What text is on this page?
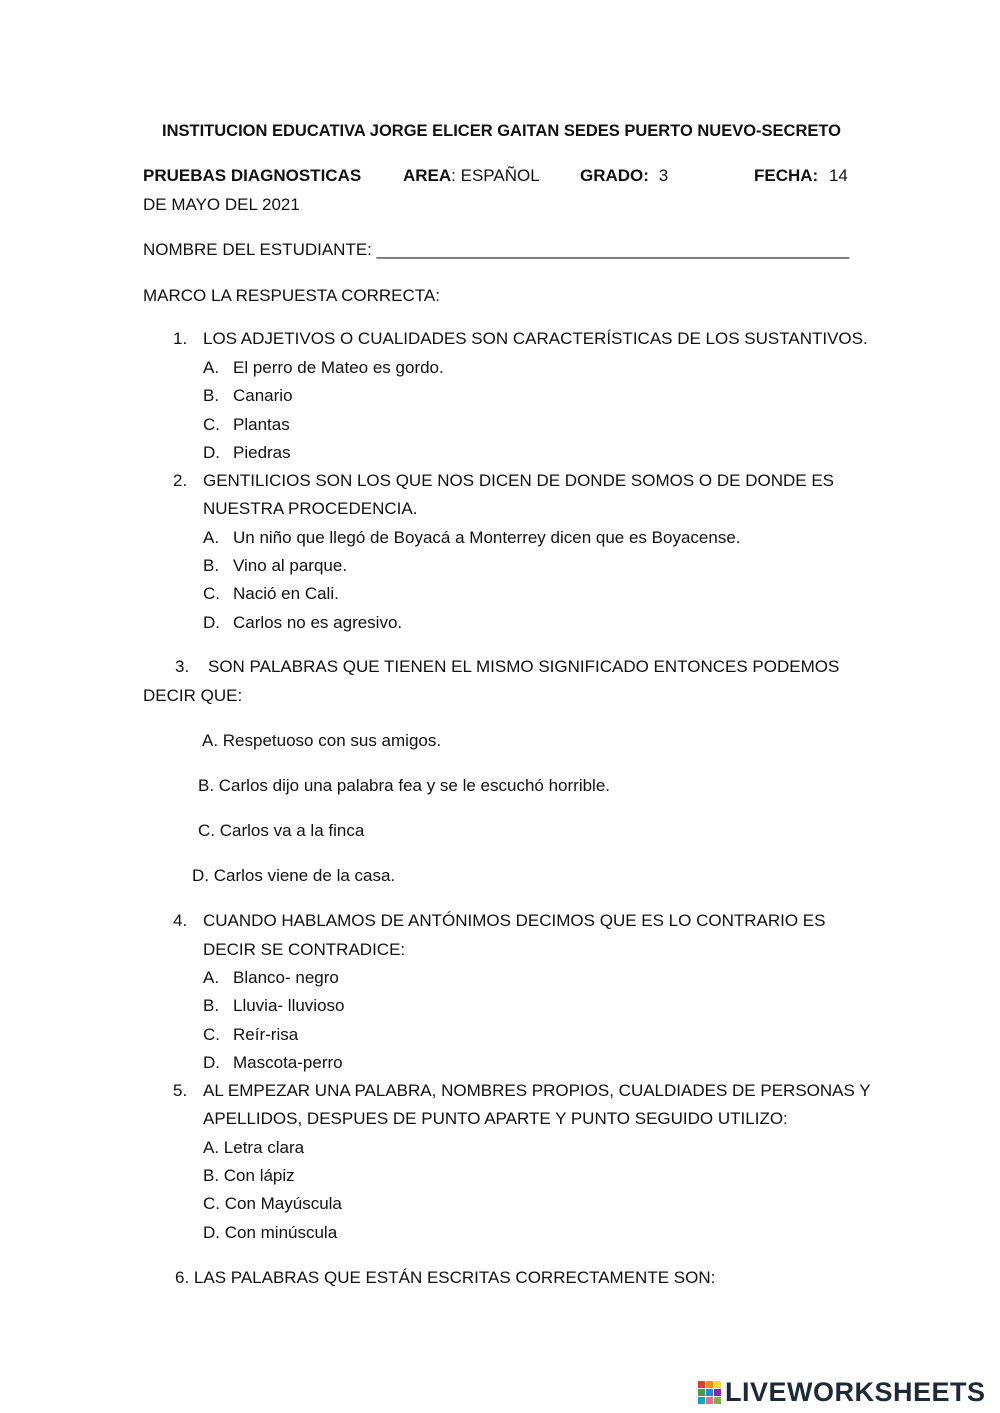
INSTITUCION EDUCATIVA JORGE ELICER GAITAN SEDES PUERTO NUEVO-SECRETO
PRUEBAS DIAGNOSTICAS AREA: ESPAÑOL GRADO: 3	FECHA: 14
DE MAYO DEL 2021
NOMBRE DEL ESTUDIANTE: __________________________________________________
MARCO LA RESPUESTA CORRECTA:
1. LOS ADJETIVOS O CUALIDADES SON CARACTERÍSTICAS DE LOS SUSTANTIVOS.
A. El perro de Mateo es gordo.
B. Canario
C. Plantas
D. Piedras
2. GENTILICIOS SON LOS QUE NOS DICEN DE DONDE SOMOS O DE DONDE ES
NUESTRA PROCEDENCIA.
A. Un niño que llegó de Boyacá a Monterrey dicen que es Boyacense.
B. Vino al parque.
C. Nació en Cali.
D. Carlos no es agresivo.
3. SON PALABRAS QUE TIENEN EL MISMO SIGNIFICADO ENTONCES PODEMOS
DECIR QUE:
A. Respetuoso con sus amigos.
B. Carlos dijo una palabra fea y se le escuchó horrible.
C. Carlos va a la finca
D. Carlos viene de la casa.
4. CUANDO HABLAMOS DE ANTÓNIMOS DECIMOS QUE ES LO CONTRARIO ES
DECIR SE CONTRADICE:
A. Blanco- negro
B. Lluvia- lluvioso
C. Reír-risa
D. Mascota-perro
5. AL EMPEZAR UNA PALABRA, NOMBRES PROPIOS, CUALDIADES DE PERSONAS Y
APELLIDOS, DESPUES DE PUNTO APARTE Y PUNTO SEGUIDO UTILIZO:
A. Letra clara
B. Con lápiz
C. Con Mayúscula
D. Con minúscula
6. LAS PALABRAS QUE ESTÁN ESCRITAS CORRECTAMENTE SON:
LIVEWORKSHEETS
